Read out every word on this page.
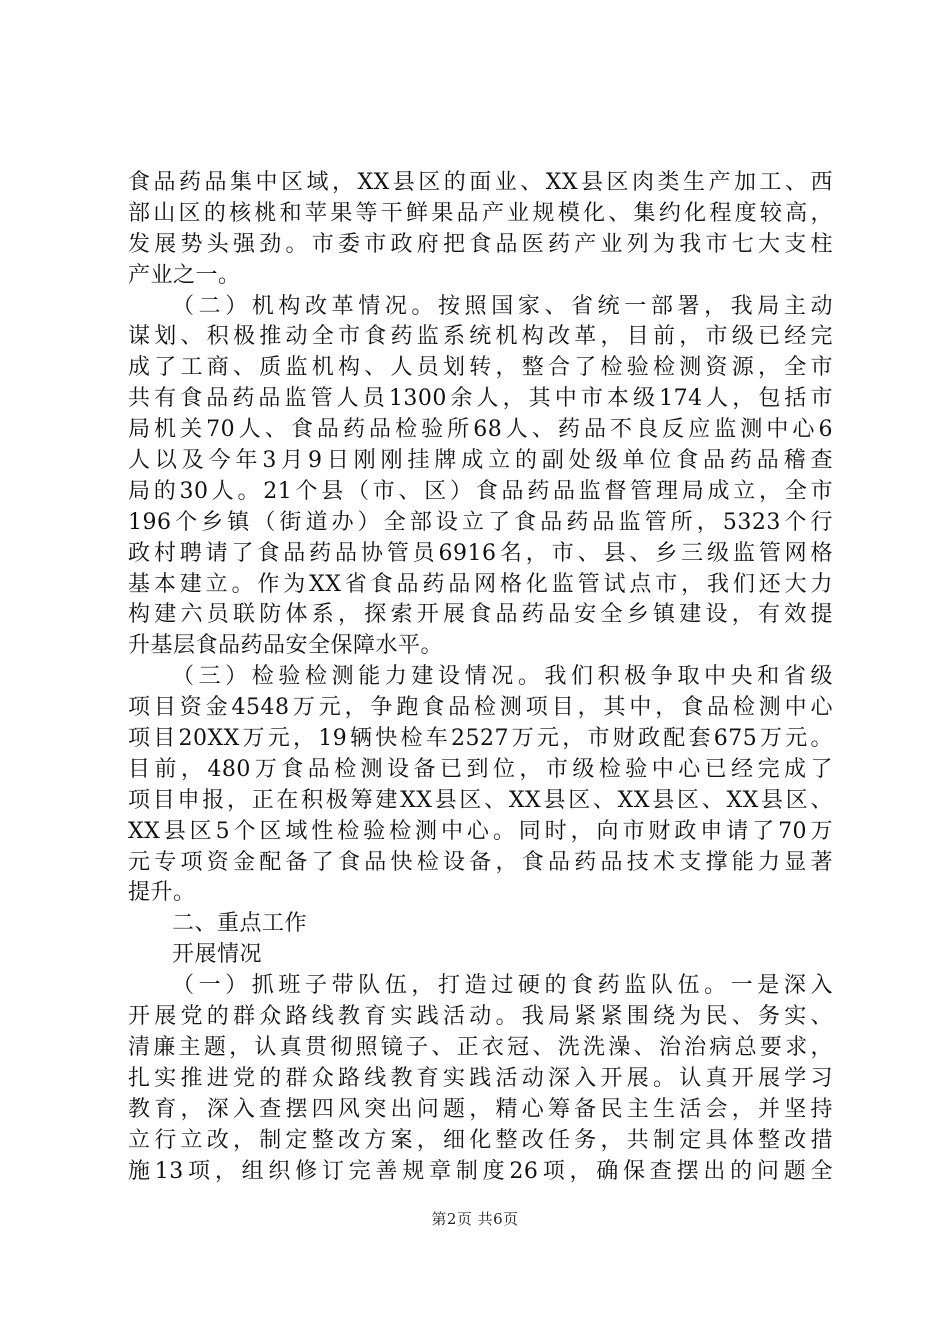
食品药品集中区域，XX县区的面业、XX县区肉类生产加工、西
部山区的核桃和苹果等干鲜果品产业规模化、集约化程度较高，
发展势头强劲。市委市政府把食品医药产业列为我市七大支柱
产业之一。
（二）机构改革情况。按照国家、省统一部署，我局主动
谋划、积极推动全市食药监系统机构改革，目前，市级已经完
成了工商、质监机构、人员划转，整合了检验检测资源，全市
共有食品药品监管人员1300余人，其中市本级174人，包括市
局机关70人、食品药品检验所68人、药品不良反应监测中心6
人以及今年3月9日刚刚挂牌成立的副处级单位食品药品稽查
局的30人。21个县（市、区）食品药品监督管理局成立，全市
196个乡镇（街道办）全部设立了食品药品监管所，5323个行
政村聘请了食品药品协管员6916名，市、县、乡三级监管网格
基本建立。作为XX省食品药品网格化监管试点市，我们还大力
构建六员联防体系，探索开展食品药品安全乡镇建设，有效提
升基层食品药品安全保障水平。
（三）检验检测能力建设情况。我们积极争取中央和省级
项目资金4548万元，争跑食品检测项目，其中，食品检测中心
项目20XX万元，19辆快检车2527万元，市财政配套675万元。
目前，480万食品检测设备已到位，市级检验中心已经完成了
项目申报，正在积极筹建XX县区、XX县区、XX县区、XX县区、
XX县区5个区域性检验检测中心。同时，向市财政申请了70万
元专项资金配备了食品快检设备，食品药品技术支撑能力显著
提升。
二、重点工作
开展情况
（一）抓班子带队伍，打造过硬的食药监队伍。一是深入
开展党的群众路线教育实践活动。我局紧紧围绕为民、务实、
清廉主题，认真贯彻照镜子、正衣冠、洗洗澡、治治病总要求，
扎实推进党的群众路线教育实践活动深入开展。认真开展学习
教育，深入查摆四风突出问题，精心筹备民主生活会，并坚持
立行立改，制定整改方案，细化整改任务，共制定具体整改措
施13项，组织修订完善规章制度26项，确保查摆出的问题全
第2页 共6页
